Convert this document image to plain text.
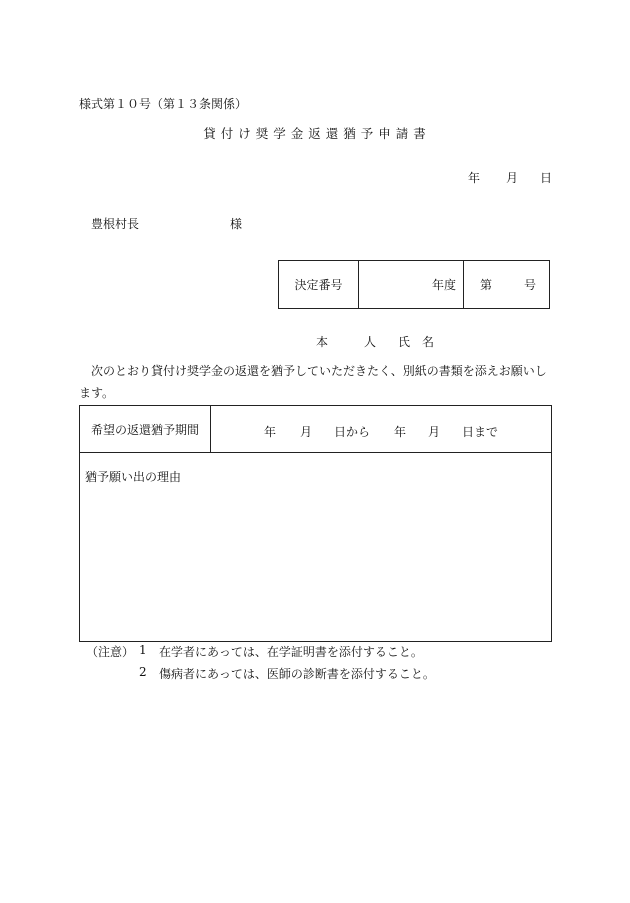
様式第１０号（第１３条関係）
貸付け奨学金返還猶予申請書
年 月 日
豊根村長	様
決定番号	年度 第	号
本	人 氏 名
次のとおり貸付け奨学金の返還を猶予していただきたく、別紙の書類を添えお願いします。
希望の返還猶予期間	年 月 日から 年 月 日まで
猶予願い出の理由
（注意） 1 在学者にあっては、在学証明書を添付すること。
2 傷病者にあっては、医師の診断書を添付すること。
